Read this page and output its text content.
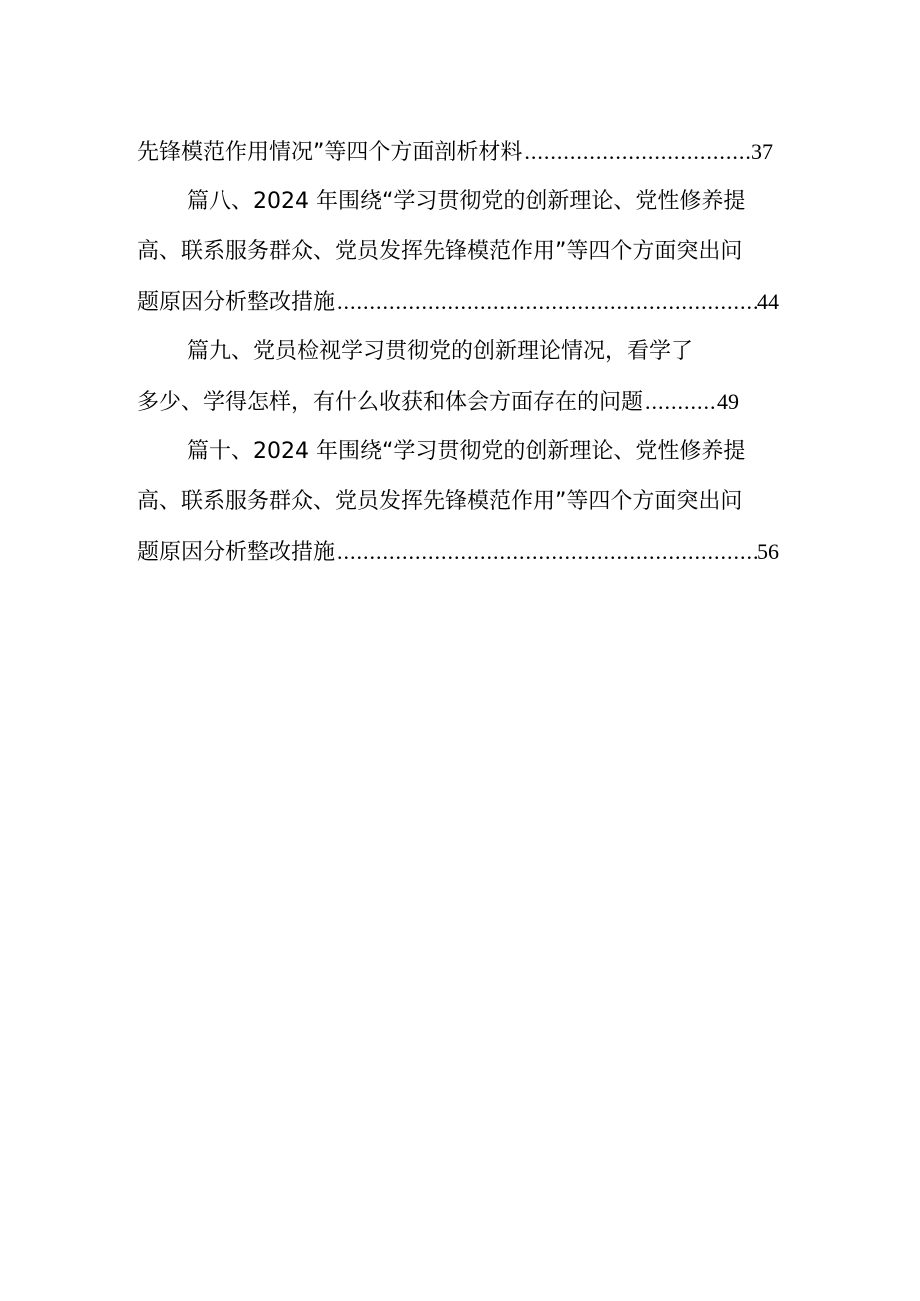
先锋模范作用情况”等四个方面剖析材料 .....	37
篇八、2024 年围绕“学习贯彻党的创新理论、党性修养提
高、联系服务群众、党员发挥先锋模范作用”等四个方面突出问
题原因分析整改措施 .....	44
篇九、党员检视学习贯彻党的创新理论情况，看学了
多少、学得怎样，有什么收获和体会方面存在的问题 .....	49
篇十、2024 年围绕“学习贯彻党的创新理论、党性修养提
高、联系服务群众、党员发挥先锋模范作用”等四个方面突出问
题原因分析整改措施 .....	56
